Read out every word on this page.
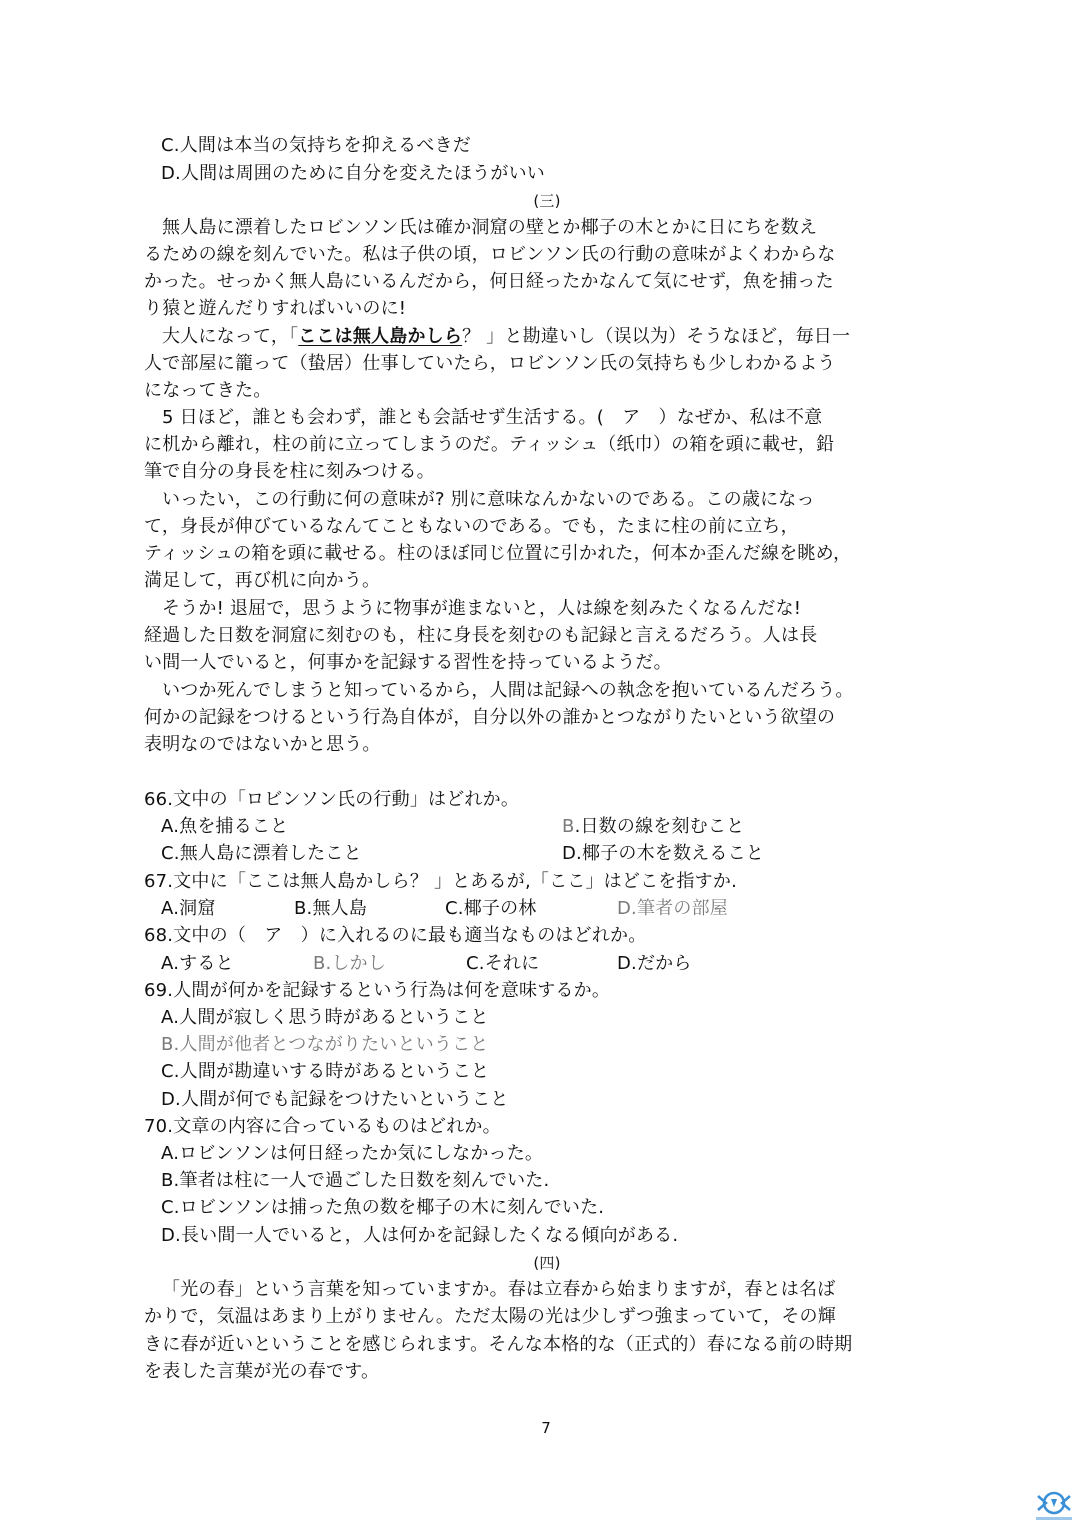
C.人間は本当の気持ちを抑えるべきだ
D.人間は周囲のために自分を変えたほうがいい
(三)
無人島に漂着したロビンソン氏は確か洞窟の壁とか椰子の木とかに日にちを数え
るための線を刻んでいた。私は子供の頃，ロビンソン氏の行動の意味がよくわからな
かった。せっかく無人島にいるんだから，何日経ったかなんて気にせず，魚を捕った
り猿と遊んだりすればいいのに!
大人になって，「ここは無人島かしら？ 」と勘違いし（误以为）そうなほど，毎日一
人で部屋に籠って（蛰居）仕事していたら，ロビンソン氏の気持ちも少しわかるよう
になってきた。
5 日ほど，誰とも会わず，誰とも会話せず生活する。(　ア　）なぜか、私は不意
に机から離れ，柱の前に立ってしまうのだ。ティッシュ（纸巾）の箱を頭に載せ，鉛
筆で自分の身長を柱に刻みつける。
いったい，この行動に何の意味が? 別に意味なんかないのである。この歳になっ
て，身長が伸びているなんてこともないのである。でも，たまに柱の前に立ち，
ティッシュの箱を頭に載せる。柱のほぼ同じ位置に引かれた，何本か歪んだ線を眺め，
満足して，再び机に向かう。
そうか! 退屈で，思うように物事が進まないと，人は線を刻みたくなるんだな!
経過した日数を洞窟に刻むのも，柱に身長を刻むのも記録と言えるだろう。人は長
い間一人でいると，何事かを記録する習性を持っているようだ。
いつか死んでしまうと知っているから，人間は記録への執念を抱いているんだろう。
何かの記録をつけるという行為自体が，自分以外の誰かとつながりたいという欲望の
表明なのではないかと思う。
66.文中の「ロビンソン氏の行動」はどれか。
A.魚を捕ること	B.日数の線を刻むこと
C.無人島に漂着したこと	D.椰子の木を数えること
67.文中に「ここは無人島かしら？ 」とあるが,「ここ」はどこを指すか.
A.洞窟	B.無人島	C.椰子の林	D.筆者の部屋
68.文中の（　ア　）に入れるのに最も適当なものはどれか。
A.すると	B.しかし	C.それに	D.だから
69.人間が何かを記録するという行為は何を意味するか。
A.人間が寂しく思う時があるということ
B.人間が他者とつながりたいということ
C.人間が勘違いする時があるということ
D.人間が何でも記録をつけたいということ
70.文章の内容に合っているものはどれか。
A.ロビンソンは何日経ったか気にしなかった。
B.筆者は柱に一人で過ごした日数を刻んでいた.
C.ロビンソンは捕った魚の数を椰子の木に刻んでいた.
D.長い間一人でいると，人は何かを記録したくなる傾向がある.
(四)
「光の春」という言葉を知っていますか。春は立春から始まりますが，春とは名ば
かりで，気温はあまり上がりません。ただ太陽の光は少しずつ強まっていて，その輝
きに春が近いということを感じられます。そんな本格的な（正式的）春になる前の時期
を表した言葉が光の春です。
7
